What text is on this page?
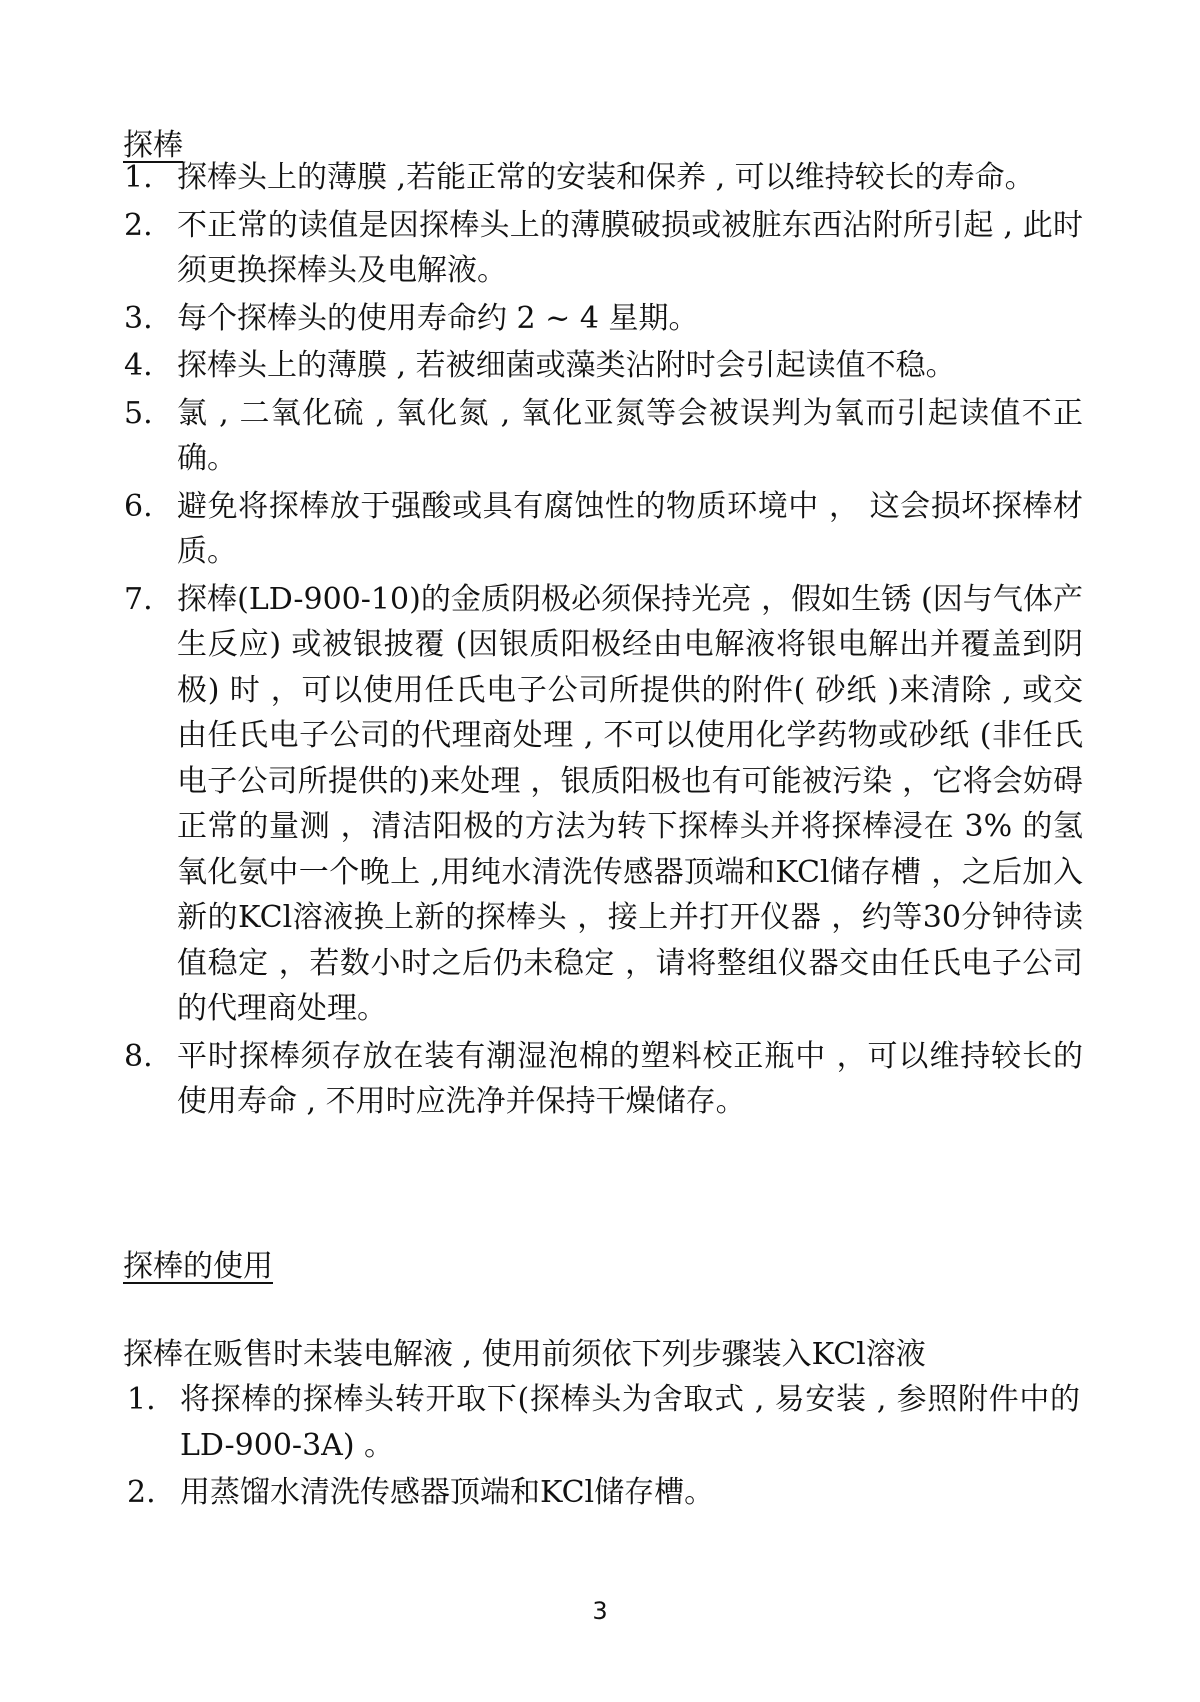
探棒
1. 探棒头上的薄膜 ,若能正常的安装和保养 , 可以维持较长的寿命。
2. 不正常的读值是因探棒头上的薄膜破损或被脏东西沾附所引起 , 此时须更换探棒头及电解液。
3. 每个探棒头的使用寿命约 2 ~ 4 星期。
4. 探棒头上的薄膜 , 若被细菌或藻类沾附时会引起读值不稳。
5. 氯 , 二氧化硫 , 氧化氮 , 氧化亚氮等会被误判为氧而引起读值不正确。
6. 避免将探棒放于强酸或具有腐蚀性的物质环境中 ， 这会损坏探棒材质。
7. 探棒(LD-900-10)的金质阴极必须保持光亮 ，假如生锈 (因与气体产生反应) 或被银披覆 (因银质阳极经由电解液将银电解出并覆盖到阴极) 时 ，可以使用任氏电子公司所提供的附件( 砂纸 )来清除 , 或交由任氏电子公司的代理商处理 , 不可以使用化学药物或砂纸 (非任氏电子公司所提供的)来处理 ，银质阳极也有可能被污染 ，它将会妨碍正常的量测 ，清洁阳极的方法为转下探棒头并将探棒浸在 3% 的氢氧化氨中一个晚上 ,用纯水清洗传感器顶端和KCl储存槽 ，之后加入新的KCl溶液换上新的探棒头 ，接上并打开仪器 ，约等30分钟待读值稳定 ，若数小时之后仍未稳定 ，请将整组仪器交由任氏电子公司的代理商处理。
8. 平时探棒须存放在装有潮湿泡棉的塑料校正瓶中 ，可以维持较长的使用寿命 , 不用时应洗净并保持干燥储存。
探棒的使用

探棒在贩售时未装电解液 , 使用前须依下列步骤装入KCl溶液

1. 将探棒的探棒头转开取下(探棒头为舍取式 , 易安装 , 参照附件中的LD-900-3A) 。
2. 用蒸馏水清洗传感器顶端和KCl储存槽。

3
